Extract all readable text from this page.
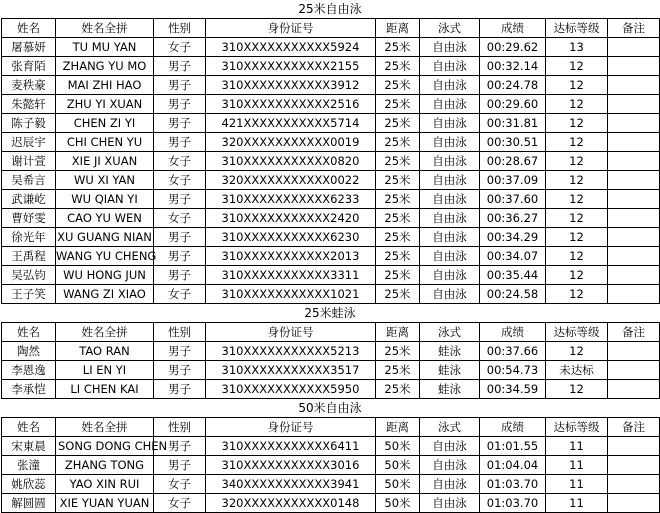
25米自由泳
姓名	姓名全拼	性别	身份证号	距离	泳式	成绩	达标等级	备注
屠慕妍	TU MU YAN	女子	310XXXXXXXXXXX5924	25米	自由泳	00:29.62	13	
张育陌	ZHANG YU MO	男子	310XXXXXXXXXXX2155	25米	自由泳	00:32.14	12	
麦秩豪	MAI ZHI HAO	男子	310XXXXXXXXXXX3912	25米	自由泳	00:24.78	12	
朱懿轩	ZHU YI XUAN	男子	310XXXXXXXXXXX2516	25米	自由泳	00:29.60	12	
陈子毅	CHEN ZI YI	男子	421XXXXXXXXXXX5714	25米	自由泳	00:31.81	12	
迟辰宇	CHI CHEN YU	男子	320XXXXXXXXXXX0019	25米	自由泳	00:30.51	12	
谢计萱	XIE JI XUAN	女子	310XXXXXXXXXXX0820	25米	自由泳	00:28.67	12	
吴希言	WU XI YAN	女子	320XXXXXXXXXXX0022	25米	自由泳	00:37.09	12	
武谦屹	WU QIAN YI	男子	310XXXXXXXXXXX6233	25米	自由泳	00:37.60	12	
曹妤雯	CAO YU WEN	女子	310XXXXXXXXXXX2420	25米	自由泳	00:36.27	12	
徐光年	XU GUANG NIAN	男子	310XXXXXXXXXXX6230	25米	自由泳	00:34.29	12	
王禹程	WANG YU CHENG	男子	310XXXXXXXXXXX2013	25米	自由泳	00:34.07	12	
吴弘钧	WU HONG JUN	男子	310XXXXXXXXXXX3311	25米	自由泳	00:35.44	12	
王子笑	WANG ZI XIAO	女子	310XXXXXXXXXXX1021	25米	自由泳	00:24.58	12	
25米蛙泳
姓名	姓名全拼	性别	身份证号	距离	泳式	成绩	达标等级	备注
陶然	TAO RAN	男子	310XXXXXXXXXXX5213	25米	蛙泳	00:37.66	12	
李恩逸	LI EN YI	男子	310XXXXXXXXXXX3517	25米	蛙泳	00:54.73	未达标	
李承恺	LI CHEN KAI	男子	310XXXXXXXXXXX5950	25米	蛙泳	00:34.59	12	
50米自由泳
姓名	姓名全拼	性别	身份证号	距离	泳式	成绩	达标等级	备注
宋東晨	SONG DONG CHEN	男子	310XXXXXXXXXXX6411	50米	自由泳	01:01.55	11	
张潼	ZHANG TONG	男子	310XXXXXXXXXXX3016	50米	自由泳	01:04.04	11	
姚欣蕊	YAO XIN RUI	女子	340XXXXXXXXXXX3941	50米	自由泳	01:03.70	11	
解圆圆	XIE YUAN YUAN	女子	320XXXXXXXXXXX0148	50米	自由泳	01:03.70	11	
